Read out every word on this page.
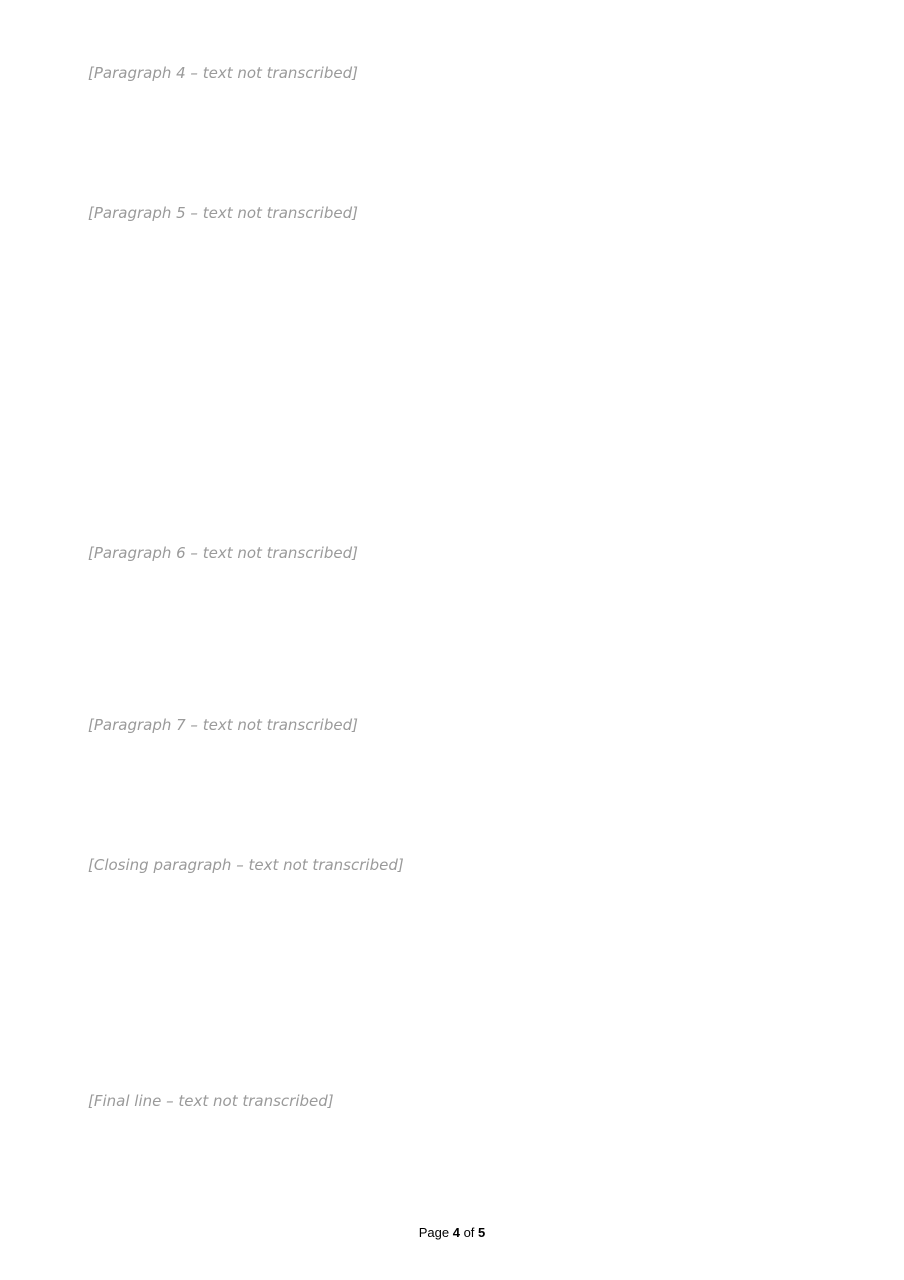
[Paragraph 4 – text not transcribed]
[Paragraph 5 – text not transcribed]
[Paragraph 6 – text not transcribed]
[Paragraph 7 – text not transcribed]
[Closing paragraph – text not transcribed]
[Final line – text not transcribed]
Page 4 of 5
